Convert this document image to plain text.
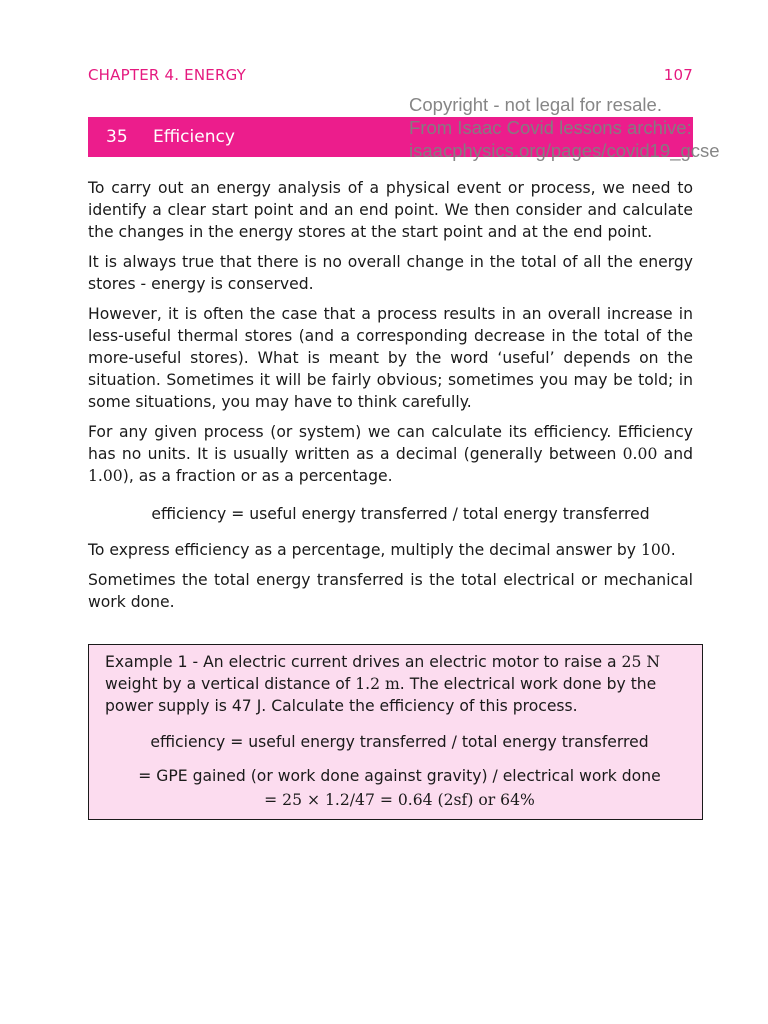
CHAPTER 4. ENERGY	107
35	Efficiency
Copyright - not legal for resale.
From Isaac Covid lessons archive:
isaacphysics.org/pages/covid19_gcse

To carry out an energy analysis of a physical event or process, we need to identify a clear start point and an end point. We then consider and calculate the changes in the energy stores at the start point and at the end point.

It is always true that there is no overall change in the total of all the energy stores - energy is conserved.

However, it is often the case that a process results in an overall increase in less-useful thermal stores (and a corresponding decrease in the total of the more-useful stores). What is meant by the word ‘useful’ depends on the situation. Sometimes it will be fairly obvious; sometimes you may be told; in some situations, you may have to think carefully.

For any given process (or system) we can calculate its efficiency. Efficiency has no units. It is usually written as a decimal (generally between 0.00 and 1.00), as a fraction or as a percentage.

efficiency = useful energy transferred / total energy transferred

To express efficiency as a percentage, multiply the decimal answer by 100.

Sometimes the total energy transferred is the total electrical or mechanical work done.

Example 1 - An electric current drives an electric motor to raise a 25 N weight by a vertical distance of 1.2 m. The electrical work done by the power supply is 47 J. Calculate the efficiency of this process.

efficiency = useful energy transferred / total energy transferred
= GPE gained (or work done against gravity) / electrical work done
= 25 × 1.2/47 = 0.64 (2sf) or 64%
